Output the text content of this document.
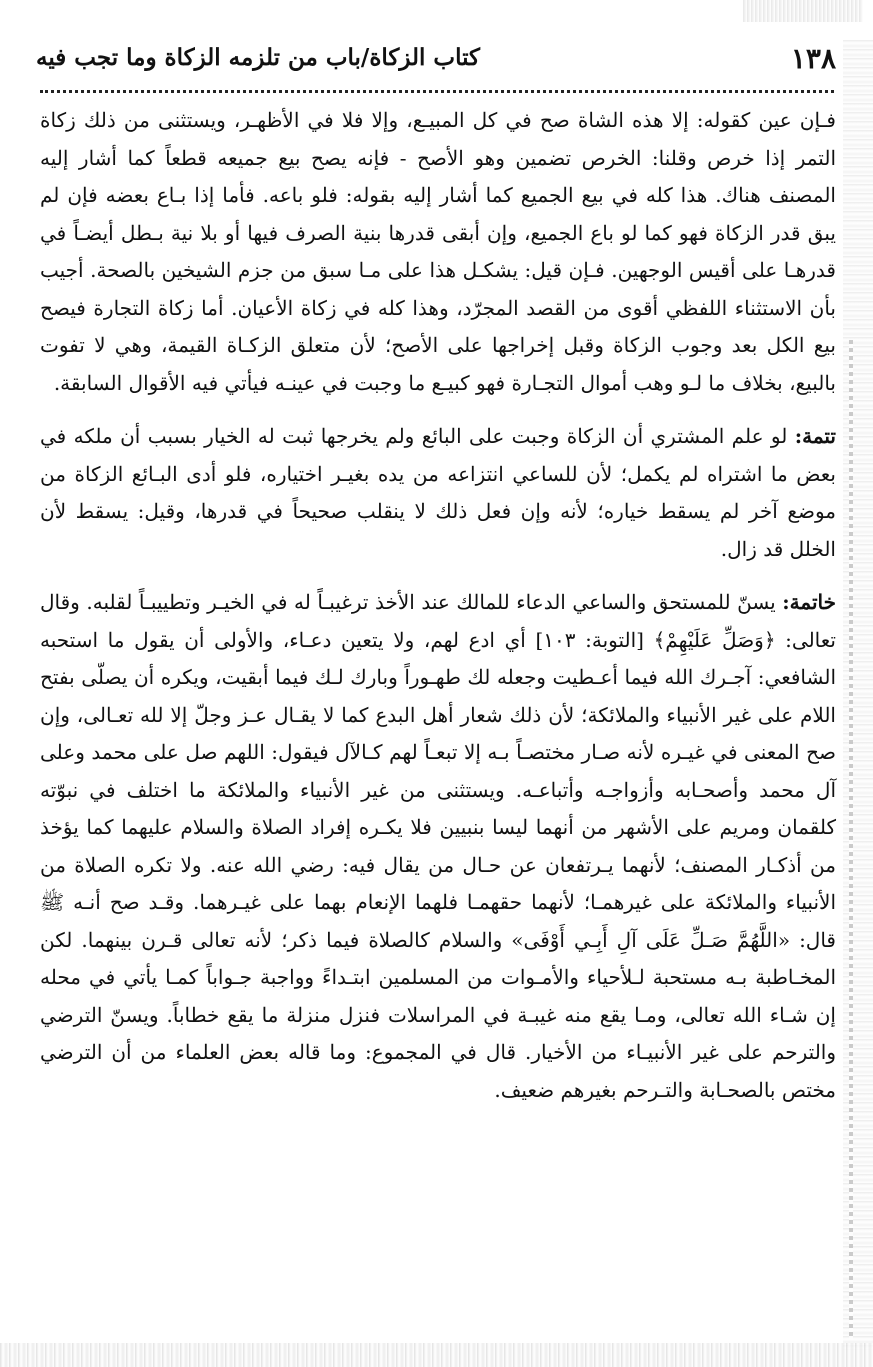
١٣٨
كتاب الزكاة/باب من تلزمه الزكاة وما تجب فيه

فـإن عين كقوله: إلا هذه الشاة صح في كل المبيـع، وإلا فلا في الأظهـر، ويستثنى من ذلك زكاة التمر إذا خرص وقلنا: الخرص تضمين وهو الأصح - فإنه يصح بيع جميعه قطعاً كما أشار إليه المصنف هناك. هذا كله في بيع الجميع كما أشار إليه بقوله: فلو باعه. فأما إذا بـاع بعضه فإن لم يبق قدر الزكاة فهو كما لو باع الجميع، وإن أبقى قدرها بنية الصرف فيها أو بلا نية بـطل أيضـاً في قدرهـا على أقيس الوجهين. فـإن قيل: يشكـل هذا على مـا سبق من جزم الشيخين بالصحة. أجيب بأن الاستثناء اللفظي أقوى من القصد المجرّد، وهذا كله في زكاة الأعيان. أما زكاة التجارة فيصح بيع الكل بعد وجوب الزكاة وقبل إخراجها على الأصح؛ لأن متعلق الزكـاة القيمة، وهي لا تفوت بالبيع، بخلاف ما لـو وهب أموال التجـارة فهو كبيـع ما وجبت في عينـه فيأتي فيه الأقوال السابقة.

تتمة: لو علم المشتري أن الزكاة وجبت على البائع ولم يخرجها ثبت له الخيار بسبب أن ملكه في بعض ما اشتراه لم يكمل؛ لأن للساعي انتزاعه من يده بغيـر اختياره، فلو أدى البـائع الزكاة من موضع آخر لم يسقط خياره؛ لأنه وإن فعل ذلك لا ينقلب صحيحاً في قدرها، وقيل: يسقط لأن الخلل قد زال.

خاتمة: يسنّ للمستحق والساعي الدعاء للمالك عند الأخذ ترغيبـاً له في الخيـر وتطييبـاً لقلبه. وقال تعالى: ﴿وَصَلِّ عَلَيْهِمْ﴾ [التوبة: ١٠٣] أي ادع لهم، ولا يتعين دعـاء، والأولى أن يقول ما استحبه الشافعي: آجـرك الله فيما أعـطيت وجعله لك طهـوراً وبارك لـك فيما أبقيت، ويكره أن يصلّى بفتح اللام على غير الأنبياء والملائكة؛ لأن ذلك شعار أهل البدع كما لا يقـال عـز وجلّ إلا لله تعـالى، وإن صح المعنى في غيـره لأنه صـار مختصـاً بـه إلا تبعـاً لهم كـالآل فيقول: اللهم صل على محمد وعلى آل محمد وأصحـابه وأزواجـه وأتباعـه. ويستثنى من غير الأنبياء والملائكة ما اختلف في نبوّته كلقمان ومريم على الأشهر من أنهما ليسا بنبيين فلا يكـره إفراد الصلاة والسلام عليهما كما يؤخذ من أذكـار المصنف؛ لأنهما يـرتفعان عن حـال من يقال فيه: رضي الله عنه. ولا تكره الصلاة من الأنبياء والملائكة على غيرهمـا؛ لأنهما حقهمـا فلهما الإنعام بهما على غيـرهما. وقـد صح أنـه ﷺ قال: «اللَّهُمَّ صَـلِّ عَلَى آلِ أَبِـي أَوْفَى» والسلام كالصلاة فيما ذكر؛ لأنه تعالى قـرن بينهما. لكن المخـاطبة بـه مستحبة لـلأحياء والأمـوات من المسلمين ابتـداءً وواجبة جـواباً كمـا يأتي في محله إن شـاء الله تعالى، ومـا يقع منه غيبـة في المراسلات فنزل منزلة ما يقع خطاباً. ويسنّ الترضي والترحم على غير الأنبيـاء من الأخيار. قال في المجموع: وما قاله بعض العلماء من أن الترضي مختص بالصحـابة والتـرحم بغيرهم ضعيف.
